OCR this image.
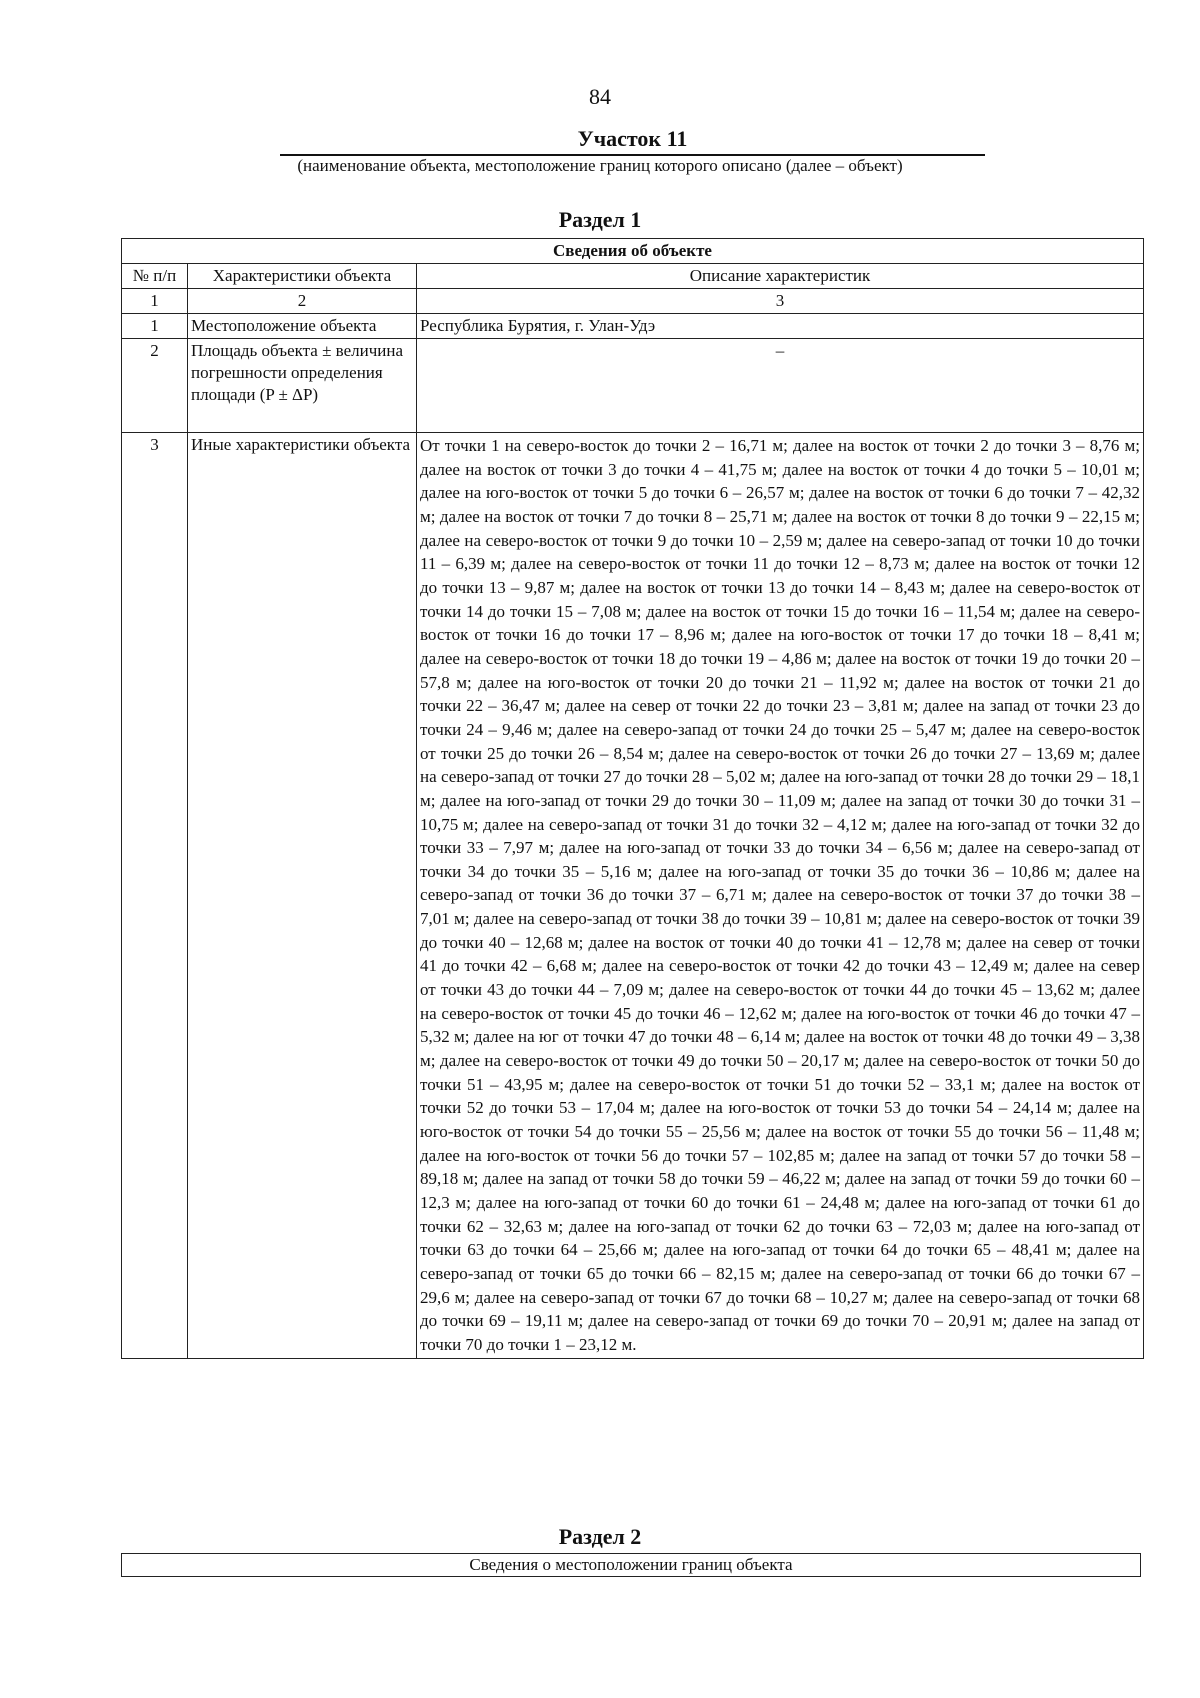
84
Участок 11
(наименование объекта, местоположение границ которого описано (далее – объект)
Раздел 1
Сведения об объекте		
№ п/п	Характеристики объекта	Описание характеристик
1	2	3
1	Местоположение объекта	Республика Бурятия, г. Улан-Удэ
2	Площадь объекта ± величина погрешности определения площади (P ± ΔP)	–
3	Иные характеристики объекта	От точки 1 на северо-восток до точки 2 – 16,71 м; далее на восток от точки 2 до точки 3 – 8,76 м; далее на восток от точки 3 до точки 4 – 41,75 м; далее на восток от точки 4 до точки 5 – 10,01 м; далее на юго-восток от точки 5 до точки 6 – 26,57 м; далее на восток от точки 6 до точки 7 – 42,32 м; далее на восток от точки 7 до точки 8 – 25,71 м; далее на восток от точки 8 до точки 9 – 22,15 м; далее на северо-восток от точки 9 до точки 10 – 2,59 м; далее на северо-запад от точки 10 до точки 11 – 6,39 м; далее на северо-восток от точки 11 до точки 12 – 8,73 м; далее на восток от точки 12 до точки 13 – 9,87 м; далее на восток от точки 13 до точки 14 – 8,43 м; далее на северо-восток от точки 14 до точки 15 – 7,08 м; далее на восток от точки 15 до точки 16 – 11,54 м; далее на северо-восток от точки 16 до точки 17 – 8,96 м; далее на юго-восток от точки 17 до точки 18 – 8,41 м; далее на северо-восток от точки 18 до точки 19 – 4,86 м; далее на восток от точки 19 до точки 20 – 57,8 м; далее на юго-восток от точки 20 до точки 21 – 11,92 м; далее на восток от точки 21 до точки 22 – 36,47 м; далее на север от точки 22 до точки 23 – 3,81 м; далее на запад от точки 23 до точки 24 – 9,46 м; далее на северо-запад от точки 24 до точки 25 – 5,47 м; далее на северо-восток от точки 25 до точки 26 – 8,54 м; далее на северо-восток от точки 26 до точки 27 – 13,69 м; далее на северо-запад от точки 27 до точки 28 – 5,02 м; далее на юго-запад от точки 28 до точки 29 – 18,1 м; далее на юго-запад от точки 29 до точки 30 – 11,09 м; далее на запад от точки 30 до точки 31 – 10,75 м; далее на северо-запад от точки 31 до точки 32 – 4,12 м; далее на юго-запад от точки 32 до точки 33 – 7,97 м; далее на юго-запад от точки 33 до точки 34 – 6,56 м; далее на северо-запад от точки 34 до точки 35 – 5,16 м; далее на юго-запад от точки 35 до точки 36 – 10,86 м; далее на северо-запад от точки 36 до точки 37 – 6,71 м; далее на северо-восток от точки 37 до точки 38 – 7,01 м; далее на северо-запад от точки 38 до точки 39 – 10,81 м; далее на северо-восток от точки 39 до точки 40 – 12,68 м; далее на восток от точки 40 до точки 41 – 12,78 м; далее на север от точки 41 до точки 42 – 6,68 м; далее на северо-восток от точки 42 до точки 43 – 12,49 м; далее на север от точки 43 до точки 44 – 7,09 м; далее на северо-восток от точки 44 до точки 45 – 13,62 м; далее на северо-восток от точки 45 до точки 46 – 12,62 м; далее на юго-восток от точки 46 до точки 47 – 5,32 м; далее на юг от точки 47 до точки 48 – 6,14 м; далее на восток от точки 48 до точки 49 – 3,38 м; далее на северо-восток от точки 49 до точки 50 – 20,17 м; далее на северо-восток от точки 50 до точки 51 – 43,95 м; далее на северо-восток от точки 51 до точки 52 – 33,1 м; далее на восток от точки 52 до точки 53 – 17,04 м; далее на юго-восток от точки 53 до точки 54 – 24,14 м; далее на юго-восток от точки 54 до точки 55 – 25,56 м; далее на восток от точки 55 до точки 56 – 11,48 м; далее на юго-восток от точки 56 до точки 57 – 102,85 м; далее на запад от точки 57 до точки 58 – 89,18 м; далее на запад от точки 58 до точки 59 – 46,22 м; далее на запад от точки 59 до точки 60 – 12,3 м; далее на юго-запад от точки 60 до точки 61 – 24,48 м; далее на юго-запад от точки 61 до точки 62 – 32,63 м; далее на юго-запад от точки 62 до точки 63 – 72,03 м; далее на юго-запад от точки 63 до точки 64 – 25,66 м; далее на юго-запад от точки 64 до точки 65 – 48,41 м; далее на северо-запад от точки 65 до точки 66 – 82,15 м; далее на северо-запад от точки 66 до точки 67 – 29,6 м; далее на северо-запад от точки 67 до точки 68 – 10,27 м; далее на северо-запад от точки 68 до точки 69 – 19,11 м; далее на северо-запад от точки 69 до точки 70 – 20,91 м; далее на запад от точки 70 до точки 1 – 23,12 м.
Раздел 2
Сведения о местоположении границ объекта
